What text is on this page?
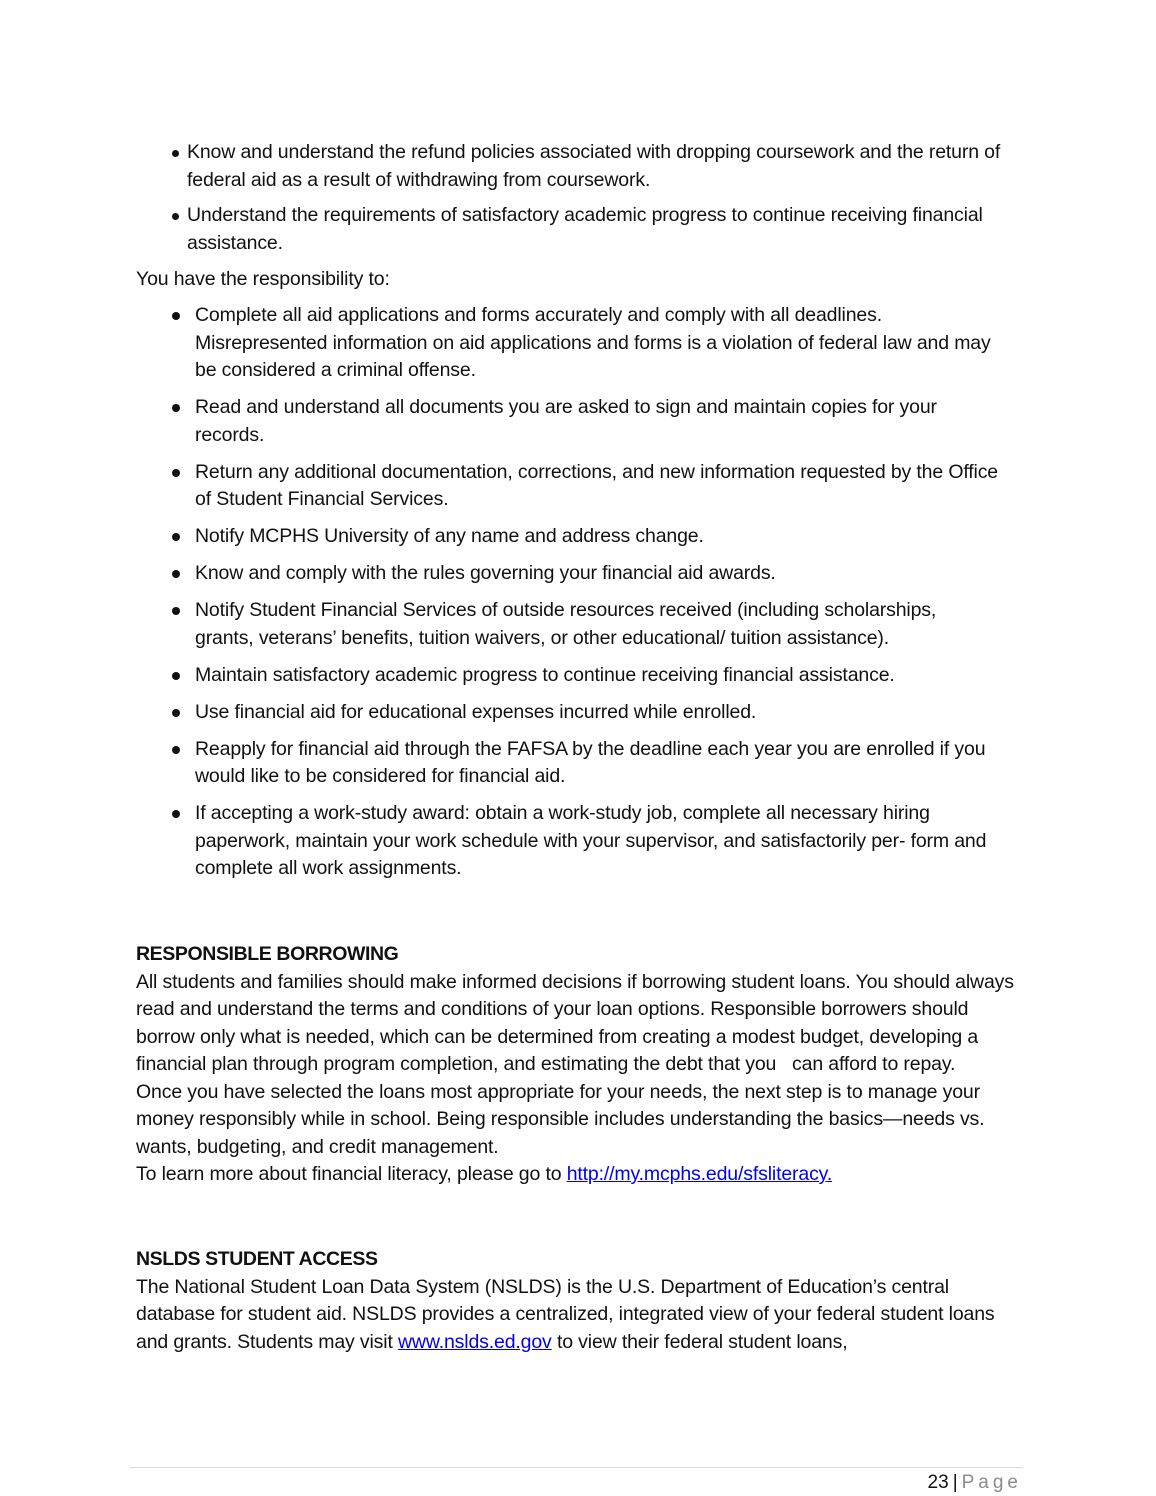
Know and understand the refund policies associated with dropping coursework and the return of federal aid as a result of withdrawing from coursework.
Understand the requirements of satisfactory academic progress to continue receiving financial assistance.
You have the responsibility to:
Complete all aid applications and forms accurately and comply with all deadlines. Misrepresented information on aid applications and forms is a violation of federal law and may be considered a criminal offense.
Read and understand all documents you are asked to sign and maintain copies for your records.
Return any additional documentation, corrections, and new information requested by the Office of Student Financial Services.
Notify MCPHS University of any name and address change.
Know and comply with the rules governing your financial aid awards.
Notify Student Financial Services of outside resources received (including scholarships, grants, veterans’ benefits, tuition waivers, or other educational/ tuition assistance).
Maintain satisfactory academic progress to continue receiving financial assistance.
Use financial aid for educational expenses incurred while enrolled.
Reapply for financial aid through the FAFSA by the deadline each year you are enrolled if you would like to be considered for financial aid.
If accepting a work-study award: obtain a work-study job, complete all necessary hiring paperwork, maintain your work schedule with your supervisor, and satisfactorily per- form and complete all work assignments.
RESPONSIBLE BORROWING

All students and families should make informed decisions if borrowing student loans. You should always read and understand the terms and conditions of your loan options. Responsible borrowers should borrow only what is needed, which can be determined from creating a modest budget, developing a financial plan through program completion, and estimating the debt that you   can afford to repay.

Once you have selected the loans most appropriate for your needs, the next step is to manage your money responsibly while in school. Being responsible includes understanding the basics—needs vs. wants, budgeting, and credit management.

To learn more about financial literacy, please go to http://my.mcphs.edu/sfsliteracy.

NSLDS STUDENT ACCESS

The National Student Loan Data System (NSLDS) is the U.S. Department of Education’s central database for student aid. NSLDS provides a centralized, integrated view of your federal student loans and grants. Students may visit www.nslds.ed.gov to view their federal student loans,

23 | Page
